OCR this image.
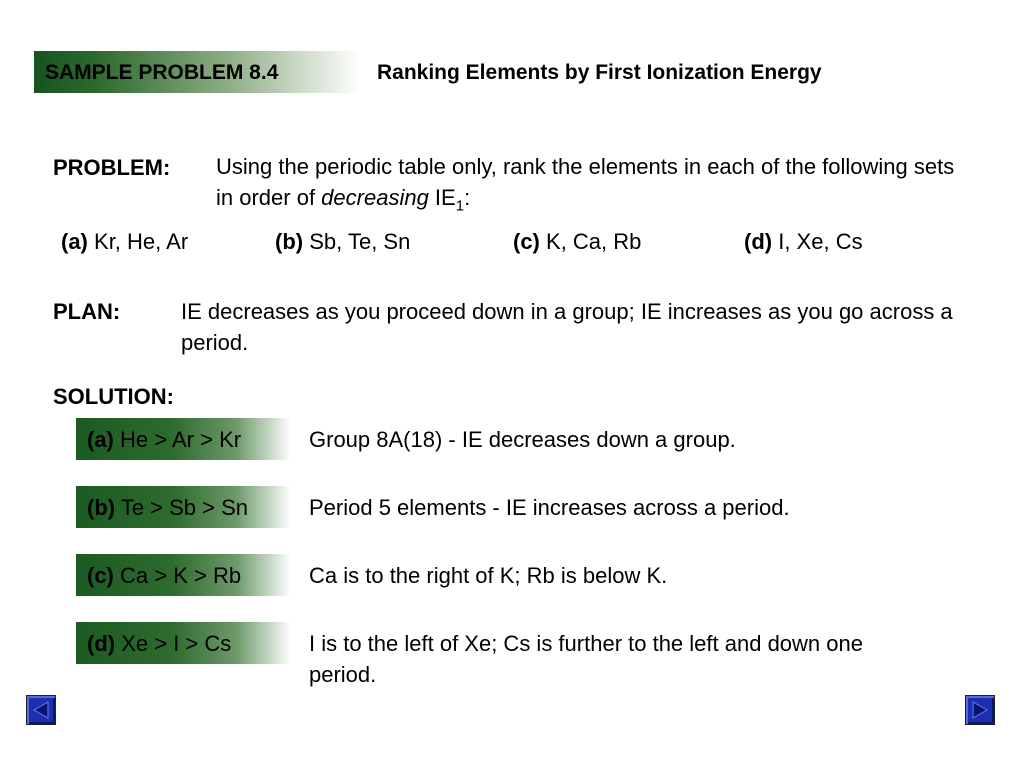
SAMPLE PROBLEM 8.4	Ranking Elements by First Ionization Energy
PROBLEM: Using the periodic table only, rank the elements in each of the following sets in order of decreasing $IE_1$:
(a) Kr, He, Ar	(b) Sb, Te, Sn	(c) K, Ca, Rb	(d) I, Xe, Cs
PLAN:	IE decreases as you proceed down in a group; IE increases as you go across a period.
SOLUTION:
(a) He > Ar > Kr	Group 8A(18) - IE decreases down a group.
(b) Te > Sb > Sn	Period 5 elements - IE increases across a period.
(c) Ca > K > Rb	Ca is to the right of K; Rb is below K.
(d) Xe > I > Cs	I is to the left of Xe; Cs is further to the left and down one period.
